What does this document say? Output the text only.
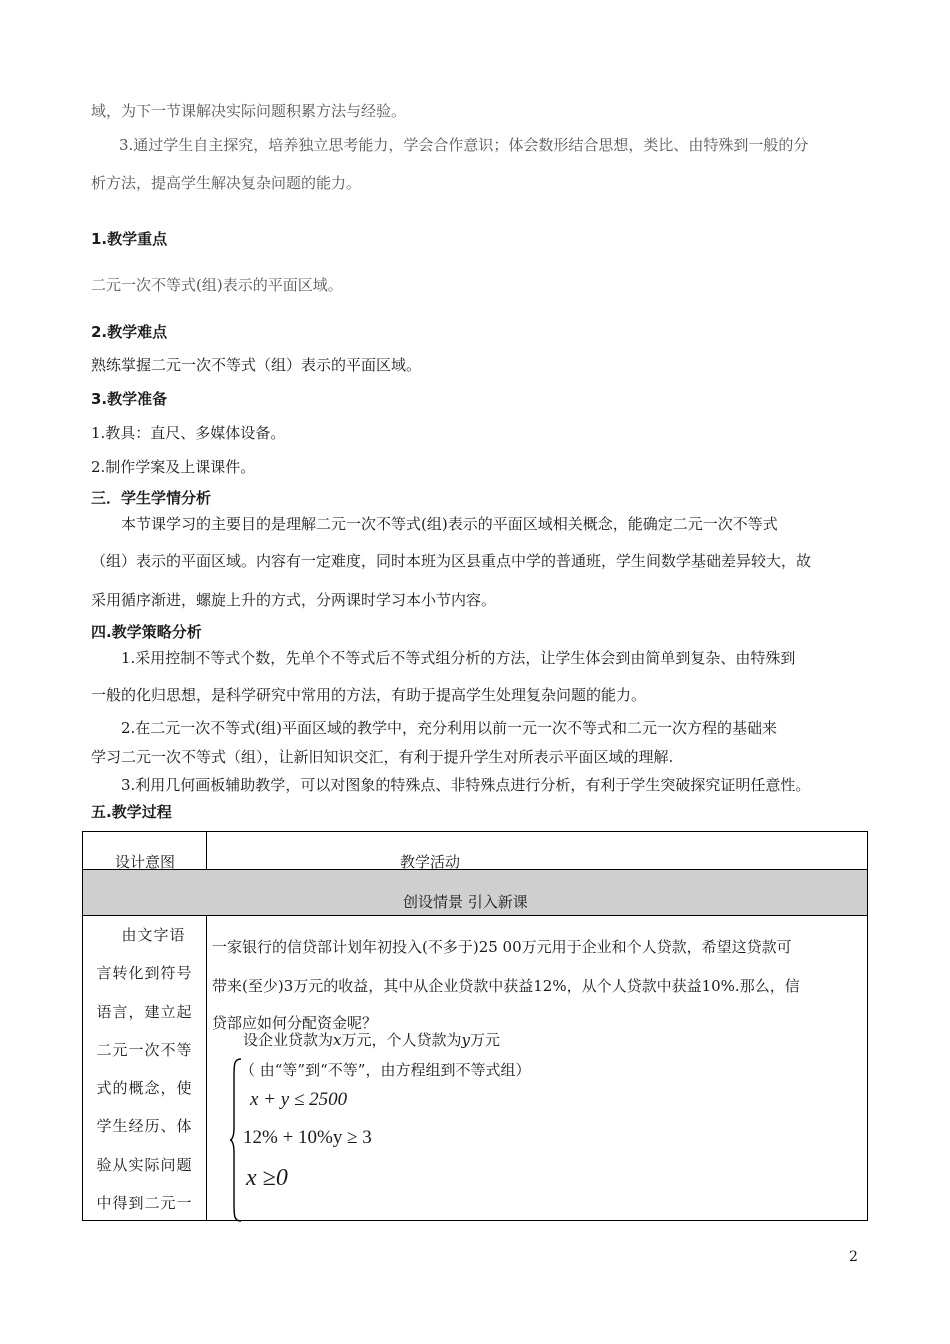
域，为下一节课解决实际问题积累方法与经验。
3.通过学生自主探究，培养独立思考能力，学会合作意识；体会数形结合思想，类比、由特殊到一般的分
析方法，提高学生解决复杂问题的能力。
1.教学重点
二元一次不等式(组)表示的平面区域。
2.教学难点
熟练掌握二元一次不等式（组）表示的平面区域。
3.教学准备
1.教具：直尺、多媒体设备。
2.制作学案及上课课件。
三．学生学情分析
本节课学习的主要目的是理解二元一次不等式(组)表示的平面区域相关概念，能确定二元一次不等式
（组）表示的平面区域。内容有一定难度，同时本班为区县重点中学的普通班，学生间数学基础差异较大，故
采用循序渐进，螺旋上升的方式，分两课时学习本小节内容。
四.教学策略分析
1.采用控制不等式个数，先单个不等式后不等式组分析的方法，让学生体会到由简单到复杂、由特殊到
一般的化归思想，是科学研究中常用的方法，有助于提高学生处理复杂问题的能力。
2.在二元一次不等式(组)平面区域的教学中，充分利用以前一元一次不等式和二元一次方程的基础来
学习二元一次不等式（组），让新旧知识交汇，有利于提升学生对所表示平面区域的理解.
3.利用几何画板辅助教学，可以对图象的特殊点、非特殊点进行分析，有利于学生突破探究证明任意性。
五.教学过程
设计意图	教学活动
创设情景 引入新课
由文字语
言转化到符号
语言，建立起
二元一次不等
式的概念，使
学生经历、体
验从实际问题
中得到二元一
一家银行的信贷部计划年初投入(不多于)25 00万元用于企业和个人贷款，希望这贷款可
带来(至少)3万元的收益，其中从企业贷款中获益12%，从个人贷款中获益10%.那么，信
贷部应如何分配资金呢？
设企业贷款为x万元，个人贷款为y万元
（ 由“等”到“不等”，由方程组到不等式组）
x + y ≤ 2500
12% + 10%y ≥ 3
x ≥0
2
